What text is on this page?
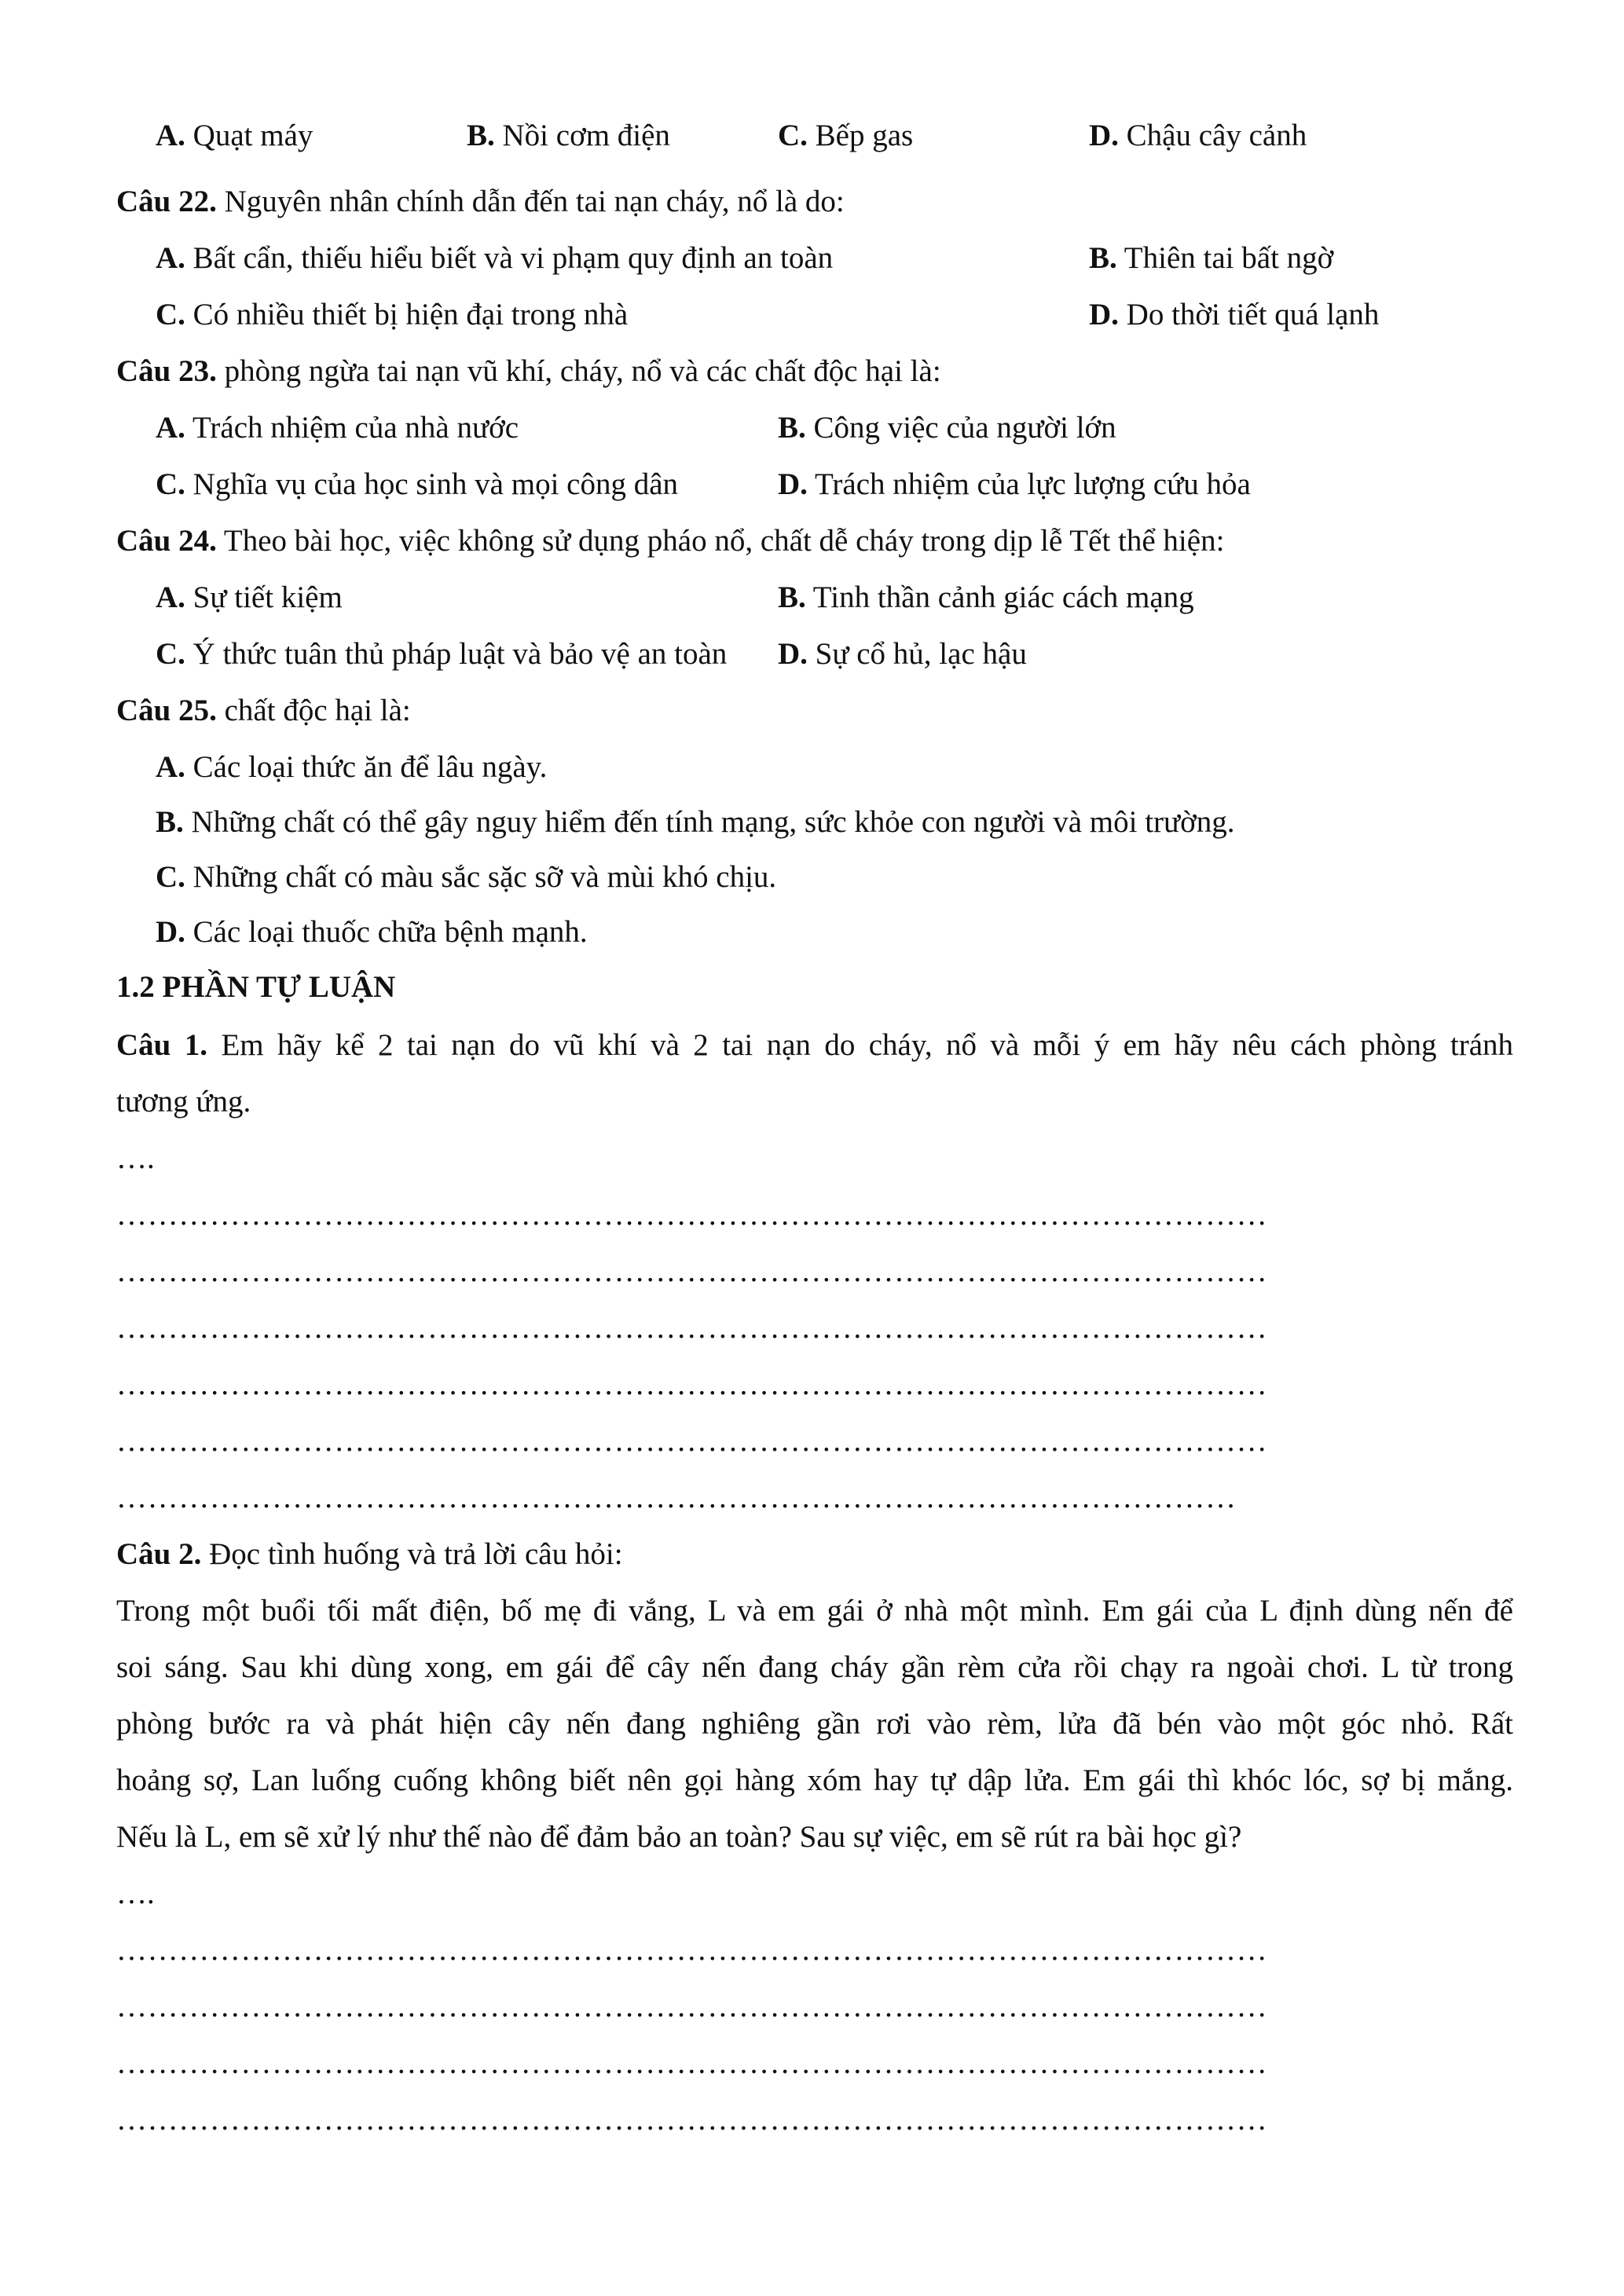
A. Quạt máy	B. Nồi cơm điện	C. Bếp gas	D. Chậu cây cảnh
Câu 22. Nguyên nhân chính dẫn đến tai nạn cháy, nổ là do:
A. Bất cẩn, thiếu hiểu biết và vi phạm quy định an toàn	B. Thiên tai bất ngờ
C. Có nhiều thiết bị hiện đại trong nhà	D. Do thời tiết quá lạnh
Câu 23. phòng ngừa tai nạn vũ khí, cháy, nổ và các chất độc hại là:
A. Trách nhiệm của nhà nước	B. Công việc của người lớn
C. Nghĩa vụ của học sinh và mọi công dân	D. Trách nhiệm của lực lượng cứu hỏa
Câu 24. Theo bài học, việc không sử dụng pháo nổ, chất dễ cháy trong dịp lễ Tết thể hiện:
A. Sự tiết kiệm	B. Tinh thần cảnh giác cách mạng
C. Ý thức tuân thủ pháp luật và bảo vệ an toàn D. Sự cổ hủ, lạc hậu
Câu 25. chất độc hại là:
A. Các loại thức ăn để lâu ngày.
B. Những chất có thể gây nguy hiểm đến tính mạng, sức khỏe con người và môi trường.
C. Những chất có màu sắc sặc sỡ và mùi khó chịu.
D. Các loại thuốc chữa bệnh mạnh.
1.2 PHẦN TỰ LUẬN
Câu 1. Em hãy kể 2 tai nạn do vũ khí và 2 tai nạn do cháy, nổ và mỗi ý em hãy nêu cách phòng tránh
tương ứng.
….
…………………………………………………………………………………………………
…………………………………………………………………………………………………
…………………………………………………………………………………………………
…………………………………………………………………………………………………
…………………………………………………………………………………………………
………………………………………………………………………………………………
Câu 2. Đọc tình huống và trả lời câu hỏi:
Trong một buổi tối mất điện, bố mẹ đi vắng, L và em gái ở nhà một mình. Em gái của L định dùng nến để
soi sáng. Sau khi dùng xong, em gái để cây nến đang cháy gần rèm cửa rồi chạy ra ngoài chơi. L từ trong
phòng bước ra và phát hiện cây nến đang nghiêng gần rơi vào rèm, lửa đã bén vào một góc nhỏ. Rất
hoảng sợ, Lan luống cuống không biết nên gọi hàng xóm hay tự dập lửa. Em gái thì khóc lóc, sợ bị mắng.
Nếu là L, em sẽ xử lý như thế nào để đảm bảo an toàn? Sau sự việc, em sẽ rút ra bài học gì?
….
…………………………………………………………………………………………………
…………………………………………………………………………………………………
…………………………………………………………………………………………………
…………………………………………………………………………………………………
